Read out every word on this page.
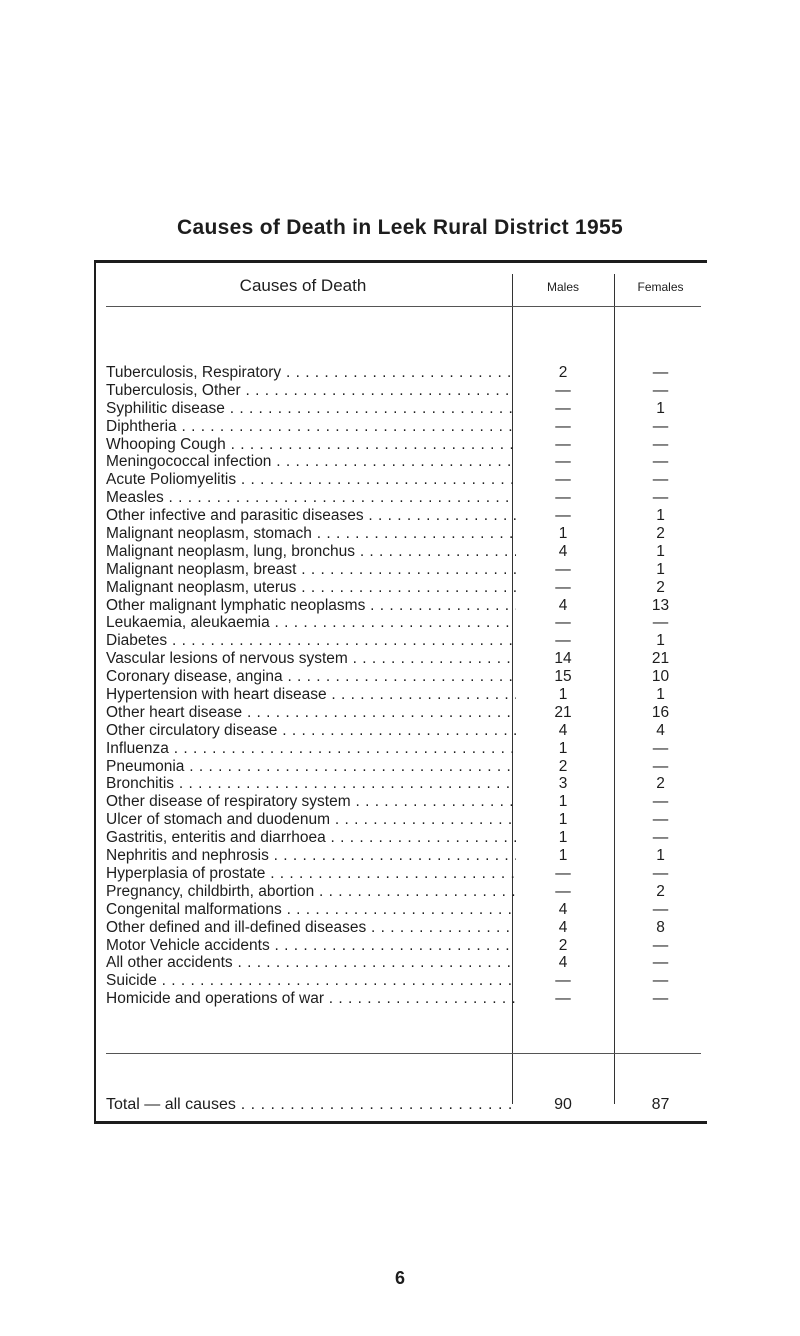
Causes of Death in Leek Rural District 1955
Causes of Death	Males	Females
Tuberculosis, Respiratory . . .	2	—
Tuberculosis, Other . . .	—	—
Syphilitic disease . . .	—	1
Diphtheria . . .	—	—
Whooping Cough . . .	—	—
Meningococcal infection . . .	—	—
Acute Poliomyelitis . . .	—	—
Measles . . .	—	—
Other infective and parasitic diseases . . .	—	1
Malignant neoplasm, stomach . . .	1	2
Malignant neoplasm, lung, bronchus . . .	4	1
Malignant neoplasm, breast . . .	—	1
Malignant neoplasm, uterus . . .	—	2
Other malignant lymphatic neoplasms . . .	4	13
Leukaemia, aleukaemia . . .	—	—
Diabetes . . .	—	1
Vascular lesions of nervous system . . .	14	21
Coronary disease, angina . . .	15	10
Hypertension with heart disease . . .	1	1
Other heart disease . . .	21	16
Other circulatory disease . . .	4	4
Influenza . . .	1	—
Pneumonia . . .	2	—
Bronchitis . . .	3	2
Other disease of respiratory system . . .	1	—
Ulcer of stomach and duodenum . . .	1	—
Gastritis, enteritis and diarrhoea . . .	1	—
Nephritis and nephrosis . . .	1	1
Hyperplasia of prostate . . .	—	—
Pregnancy, childbirth, abortion . . .	—	2
Congenital malformations . . .	4	—
Other defined and ill-defined diseases . . .	4	8
Motor Vehicle accidents . . .	2	—
All other accidents . . .	4	—
Suicide . . .	—	—
Homicide and operations of war . . .	—	—
Total — all causes . . .	90	87
6
